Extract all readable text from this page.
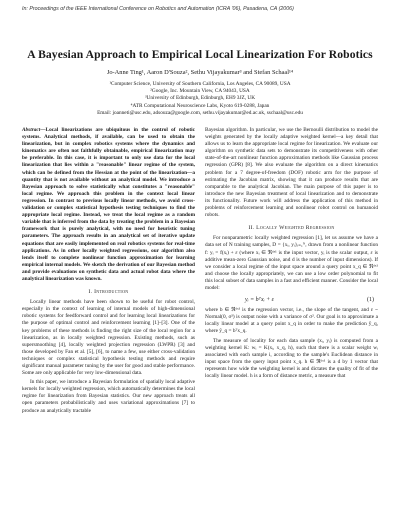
In: Proceedings of the IEEE International Conference on Robotics and Automation (ICRA '06), Pasadena, CA (2006)
A Bayesian Approach to Empirical Local Linearization For Robotics
Jo-Anne Ting¹, Aaron D'Souza², Sethu Vijayakumar³ and Stefan Schaal¹⁴
¹Computer Science, University of Southern California, Los Angeles, CA 90089, USA
²Google, Inc. Mountain View, CA 94043, USA
³University of Edinburgh, Edinburgh, EH9 3JZ, UK
⁴ATR Computational Neuroscience Labs, Kyoto 619-0288, Japan
Email: joanneti@usc.edu, adsouza@google.com, sethu.vijayakumar@ed.ac.uk, sschaal@usc.edu
Abstract—Local linearizations are ubiquitous in the control of robotic systems. Analytical methods, if available, can be used to obtain the linearization, but in complex robotics systems where the dynamics and kinematics are often not faithfully obtainable, empirical linearization may be preferable. In this case, it is important to only use data for the local linearization that lies within a "reasonable" linear regime of the system, which can be defined from the Hessian at the point of the linearization—a quantity that is not available without an analytical model. We introduce a Bayesian approach to solve statistically what constitutes a "reasonable" local regime. We approach this problem in the context local linear regression. In contrast to previous locally linear methods, we avoid cross-validation or complex statistical hypothesis testing techniques to find the appropriate local regime. Instead, we treat the local regime as a random variable that is inferred from the data by treating the problem in a Bayesian framework that is purely analytical, with no need for heuristic tuning parameters. The approach results in an analytical set of iterative update equations that are easily implemented on real robotics systems for real-time applications. As in other locally weighted regressions, our algorithm also lends itself to complete nonlinear function approximation for learning empirical internal models. We sketch the derivation of our Bayesian method and provide evaluations on synthetic data and actual robot data where the analytical linearization was known.
I. Introduction

Locally linear methods have been shown to be useful for robot control, especially in the context of learning of internal models of high-dimensional robotic systems for feedforward control and for learning local linearizations for the purpose of optimal control and reinforcement learning [1]–[3]. One of the key problems of these methods is finding the right size of the local region for a linearization, as in locally weighted regression. Existing methods, such as supersmoothing [4], locally weighted projection regression (LWPR) [3] and those developed by Fan et al. [5], [6], to name a few, use either cross-validation techniques or complex statistical hypothesis testing methods and require significant manual parameter tuning by the user for good and stable performance. Some are only applicable for very low-dimensional data.

In this paper, we introduce a Bayesian formulation of spatially local adaptive kernels for locally weighted regression, which automatically determines the local regime for linearization from Bayesian statistics. Our new approach treats all open parameters probabilistically and uses variational approximations [7] to produce an analytically tractable

Bayesian algorithm. In particular, we use the Bernoulli distribution to model the weights generated by the locally adaptive weighted kernel—a key detail that allows us to learn the appropriate local regime for linearization. We evaluate our algorithm on synthetic data sets to demonstrate its competitiveness with other state-of-the-art nonlinear function approximation methods like Gaussian process regression (GPR) [8]. We also evaluate the algorithm on a direct kinematics problem for a 7 degree-of-freedom (DOF) robotic arm for the purpose of estimating the Jacobian matrix, showing that it can produce results that are comparable to the analytical Jacobian. The main purpose of this paper is to introduce the new Bayesian treatment of local linearization and to demonstrate its functionality. Future work will address the application of this method in problems of reinforcement learning and nonlinear robot control on humanoid robots.

II. Locally Weighted Regression

For nonparametric locally weighted regression [1], let us assume we have a data set of N training samples, D = {xᵢ, yᵢ}ᵢ₌₁ᴺ, drawn from a nonlinear function f: yᵢ = f(xᵢ) + ε (where xᵢ ∈ ℜᵈˣ¹ is the input vector, yᵢ is the scalar output, ε is additive mean-zero Gaussian noise, and d is the number of input dimensions). If we consider a local regime of the input space around a query point x_q ∈ ℜᵈˣ¹ and choose the locally appropriately, we can use a low order polynomial to fit this local subset of data samples in a fast and efficient manner. Consider the local model:

yᵢ = bᵀxᵢ + ε	(1)

where b ∈ ℜᵈˣ¹ is the regression vector, i.e., the slope of the tangent, and ε ~ Normal(0, σ²) is output noise with a variance of σ². Our goal is to approximate a locally linear model at a query point x_q in order to make the prediction ŷ_q, where ŷ_q = bᵀx_q.

The measure of locality for each data sample (xᵢ, yᵢ) is computed from a weighting kernel K: wᵢ = K(xᵢ, x_q, h), such that there is a scalar weight wᵢ associated with each sample i, according to the sample's Euclidean distance in input space from the query input point x_q. h ∈ ℜᵈˣ¹ is a d by 1 vector that represents how wide the weighting kernel is and dictates the quality of fit of the locally linear model. h is a form of distance metric, a measure that
